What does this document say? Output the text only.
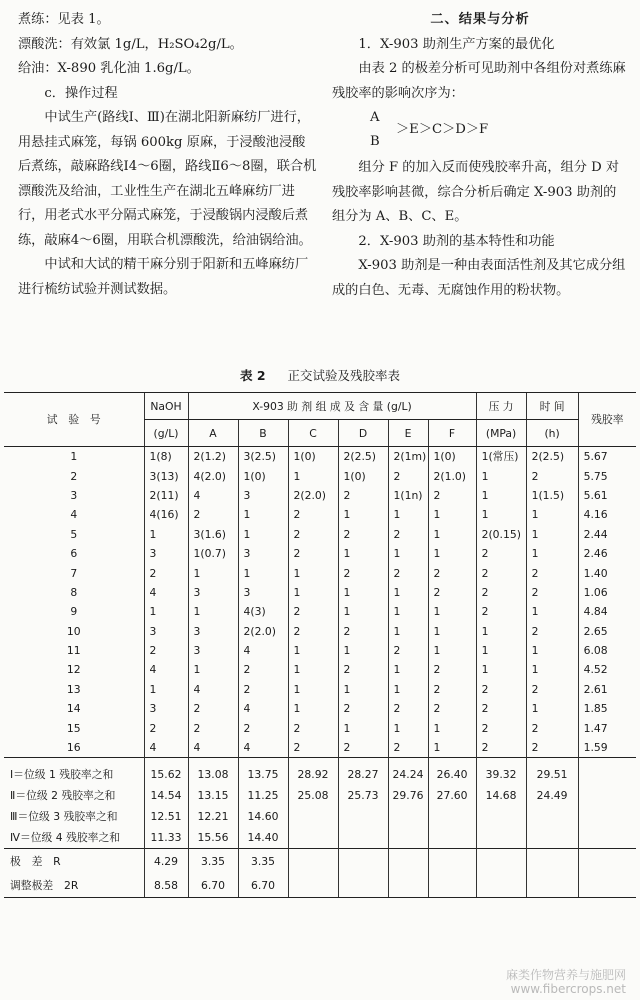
煮练：见表 1。

漂酸洗：有效氯 1g/L，H₂SO₄2g/L。

给油：X-890 乳化油 1.6g/L。

c．操作过程

中试生产(路线Ⅰ、Ⅲ)在湖北阳新麻纺厂进行，用悬挂式麻笼，每锅 600kg 原麻，于浸酸池浸酸后煮练，敲麻路线Ⅰ4～6圈，路线Ⅱ6～8圈，联合机漂酸洗及给油，工业性生产在湖北五峰麻纺厂进行，用老式水平分隔式麻笼，于浸酸锅内浸酸后煮练，敲麻4～6圈，用联合机漂酸洗，给油锅给油。

中试和大试的精干麻分别于阳新和五峰麻纺厂进行梳纺试验并测试数据。

二、结果与分析

1．X-903 助剂生产方案的最优化

由表 2 的极差分析可见助剂中各组份对煮练麻残胶率的影响次序为：

A
B
＞E＞C＞D＞F

组分 F 的加入反而使残胶率升高，组分 D 对残胶率影响甚微，综合分析后确定 X-903 助剂的组分为 A、B、C、E。

2．X-903 助剂的基本特性和功能

X-903 助剂是一种由表面活性剂及其它成分组成的白色、无毒、无腐蚀作用的粉状物。

表 2 正交试验及残胶率表
试　验　号	NaOH	X-903 助 剂 组 成 及 含 量 (g/L)						压 力	时 间	残胶率
	(g/L)	A	B	C	D	E	F	(MPa)	(h)	
1	1(8)	2(1.2)	3(2.5)	1(0)	2(2.5)	2(1m)	1(0)	1(常压)	2(2.5)	5.67
2	3(13)	4(2.0)	1(0)	1	1(0)	2	2(1.0)	1	2	5.75
3	2(11)	4	3	2(2.0)	2	1(1n)	2	1	1(1.5)	5.61
4	4(16)	2	1	2	1	1	1	1	1	4.16
5	1	3(1.6)	1	2	2	2	1	2(0.15)	1	2.44
6	3	1(0.7)	3	2	1	1	1	2	1	2.46
7	2	1	1	1	2	2	2	2	2	1.40
8	4	3	3	1	1	1	2	2	2	1.06
9	1	1	4(3)	2	1	1	1	2	1	4.84
10	3	3	2(2.0)	2	2	1	1	1	2	2.65
11	2	3	4	1	1	2	1	1	1	6.08
12	4	1	2	1	2	1	2	1	1	4.52
13	1	4	2	1	1	1	2	2	2	2.61
14	3	2	4	1	2	2	2	2	1	1.85
15	2	2	2	2	1	1	1	2	2	1.47
16	4	4	4	2	2	2	1	2	2	1.59
Ⅰ＝位级 1 残胶率之和	15.62	13.08	13.75	28.92	28.27	24.24	26.40	39.32	29.51	
Ⅱ＝位级 2 残胶率之和	14.54	13.15	11.25	25.08	25.73	29.76	27.60	14.68	24.49	
Ⅲ＝位级 3 残胶率之和	12.51	12.21	14.60							
Ⅳ＝位级 4 残胶率之和	11.33	15.56	14.40							
极　差　R	4.29	3.35	3.35							
调整极差　2R	8.58	6.70	6.70							
麻类作物营养与施肥网
www.fibercrops.net
